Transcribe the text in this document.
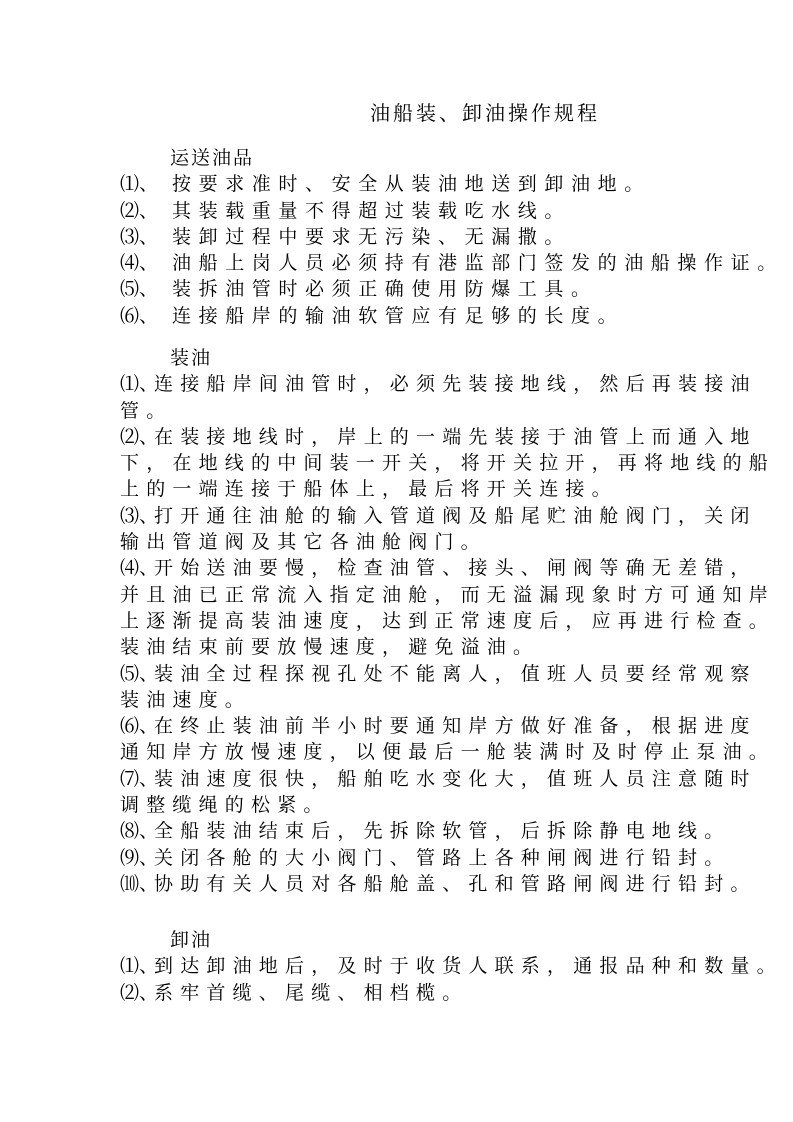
油船装、卸油操作规程
运送油品
⑴、 按要求准时、安全从装油地送到卸油地。
⑵、 其装载重量不得超过装载吃水线。
⑶、 装卸过程中要求无污染、无漏撒。
⑷、 油船上岗人员必须持有港监部门签发的油船操作证。
⑸、 装拆油管时必须正确使用防爆工具。
⑹、 连接船岸的输油软管应有足够的长度。
装油
⑴、连接船岸间油管时，必须先装接地线，然后再装接油
管。
⑵、在装接地线时，岸上的一端先装接于油管上而通入地
下，在地线的中间装一开关，将开关拉开，再将地线的船
上的一端连接于船体上，最后将开关连接。
⑶、打开通往油舱的输入管道阀及船尾贮油舱阀门，关闭
输出管道阀及其它各油舱阀门。
⑷、开始送油要慢，检查油管、接头、闸阀等确无差错，
并且油已正常流入指定油舱，而无溢漏现象时方可通知岸
上逐渐提高装油速度，达到正常速度后，应再进行检查。
装油结束前要放慢速度，避免溢油。
⑸、装油全过程探视孔处不能离人，值班人员要经常观察
装油速度。
⑹、在终止装油前半小时要通知岸方做好准备，根据进度
通知岸方放慢速度，以便最后一舱装满时及时停止泵油。
⑺、装油速度很快，船舶吃水变化大，值班人员注意随时
调整缆绳的松紧。
⑻、全船装油结束后，先拆除软管，后拆除静电地线。
⑼、关闭各舱的大小阀门、管路上各种闸阀进行铅封。
⑽、协助有关人员对各船舱盖、孔和管路闸阀进行铅封。
卸油
⑴、到达卸油地后，及时于收货人联系，通报品种和数量。
⑵、系牢首缆、尾缆、相档榄。
